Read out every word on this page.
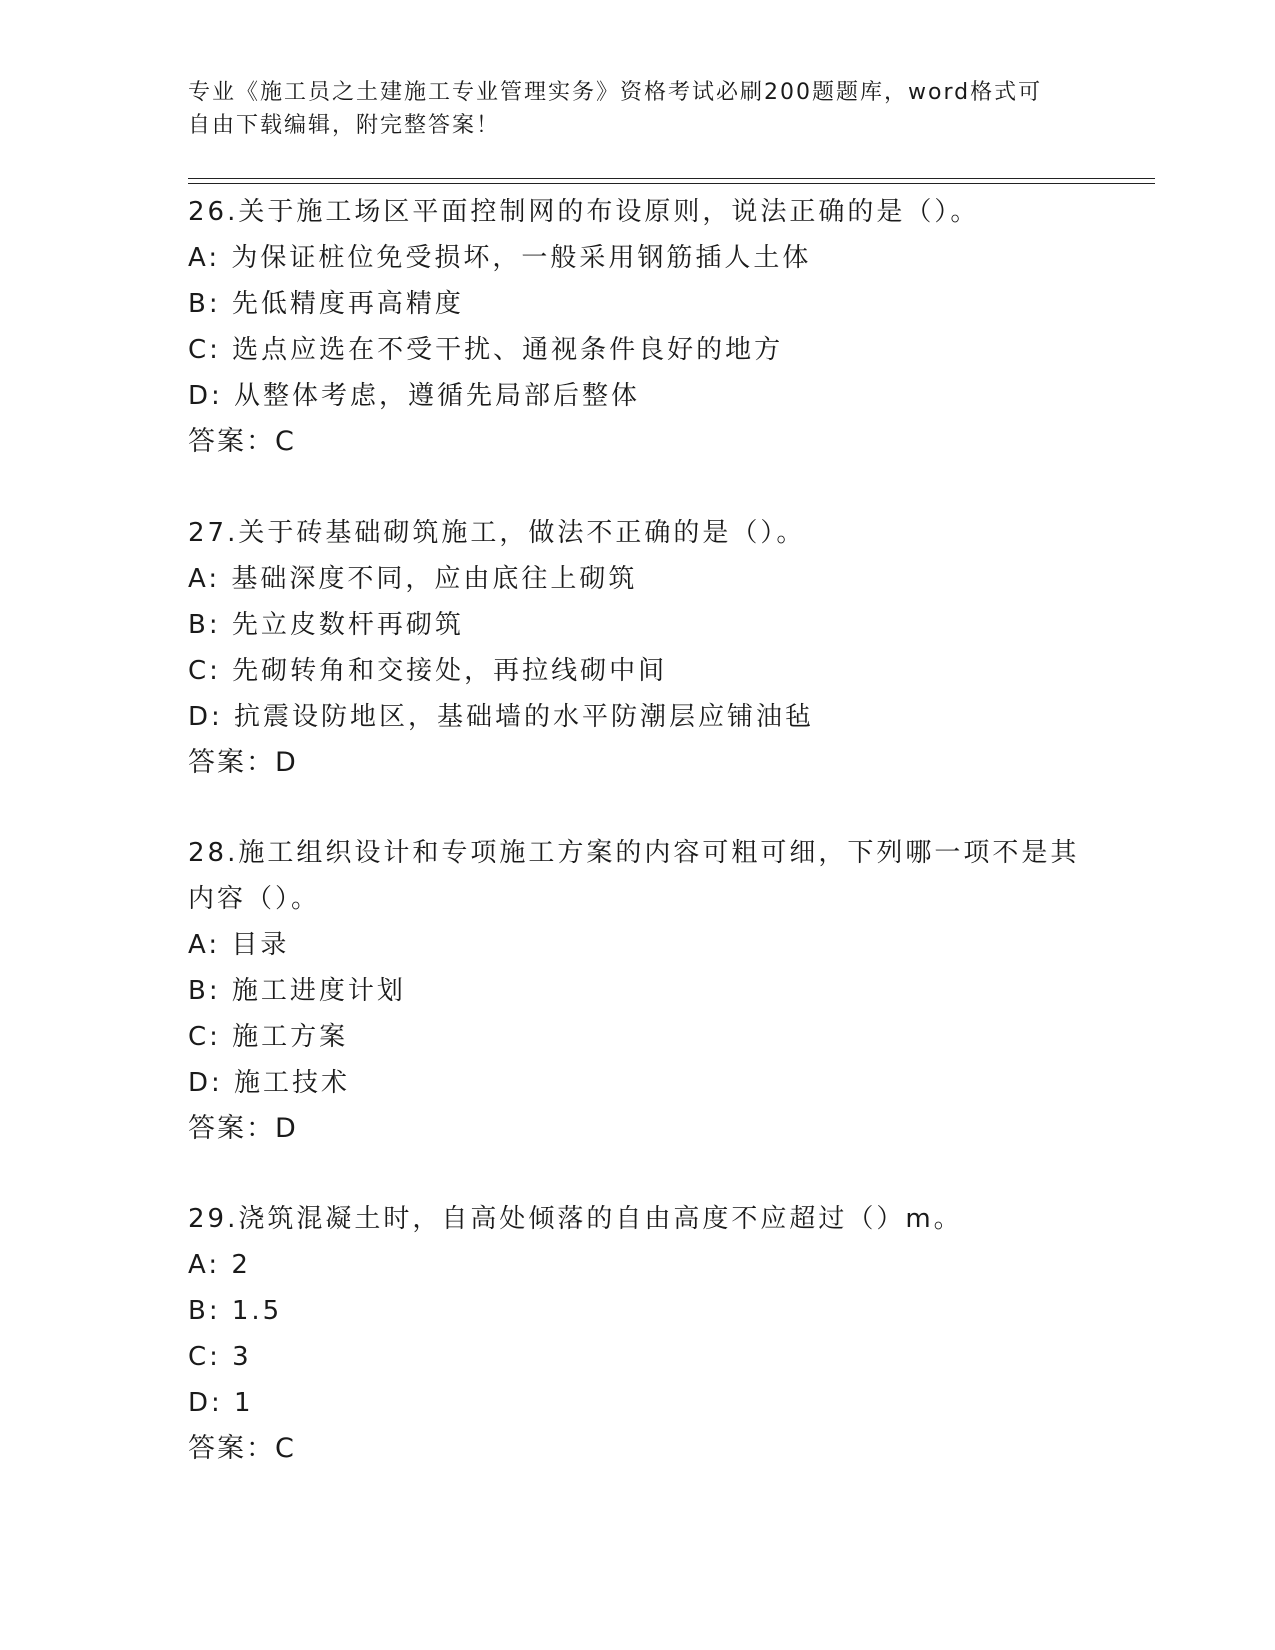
专业《施工员之土建施工专业管理实务》资格考试必刷200题题库，word格式可
自由下载编辑，附完整答案！
26.关于施工场区平面控制网的布设原则，说法正确的是（）。
A: 为保证桩位免受损坏，一般采用钢筋插人土体
B: 先低精度再高精度
C: 选点应选在不受干扰、通视条件良好的地方
D: 从整体考虑，遵循先局部后整体
答案：C
27.关于砖基础砌筑施工，做法不正确的是（）。
A: 基础深度不同，应由底往上砌筑
B: 先立皮数杆再砌筑
C: 先砌转角和交接处，再拉线砌中间
D: 抗震设防地区，基础墙的水平防潮层应铺油毡
答案：D
28.施工组织设计和专项施工方案的内容可粗可细，下列哪一项不是其
内容（）。
A: 目录
B: 施工进度计划
C: 施工方案
D: 施工技术
答案：D
29.浇筑混凝土时，自高处倾落的自由高度不应超过（）m。
A: 2
B: 1.5
C: 3
D: 1
答案：C
